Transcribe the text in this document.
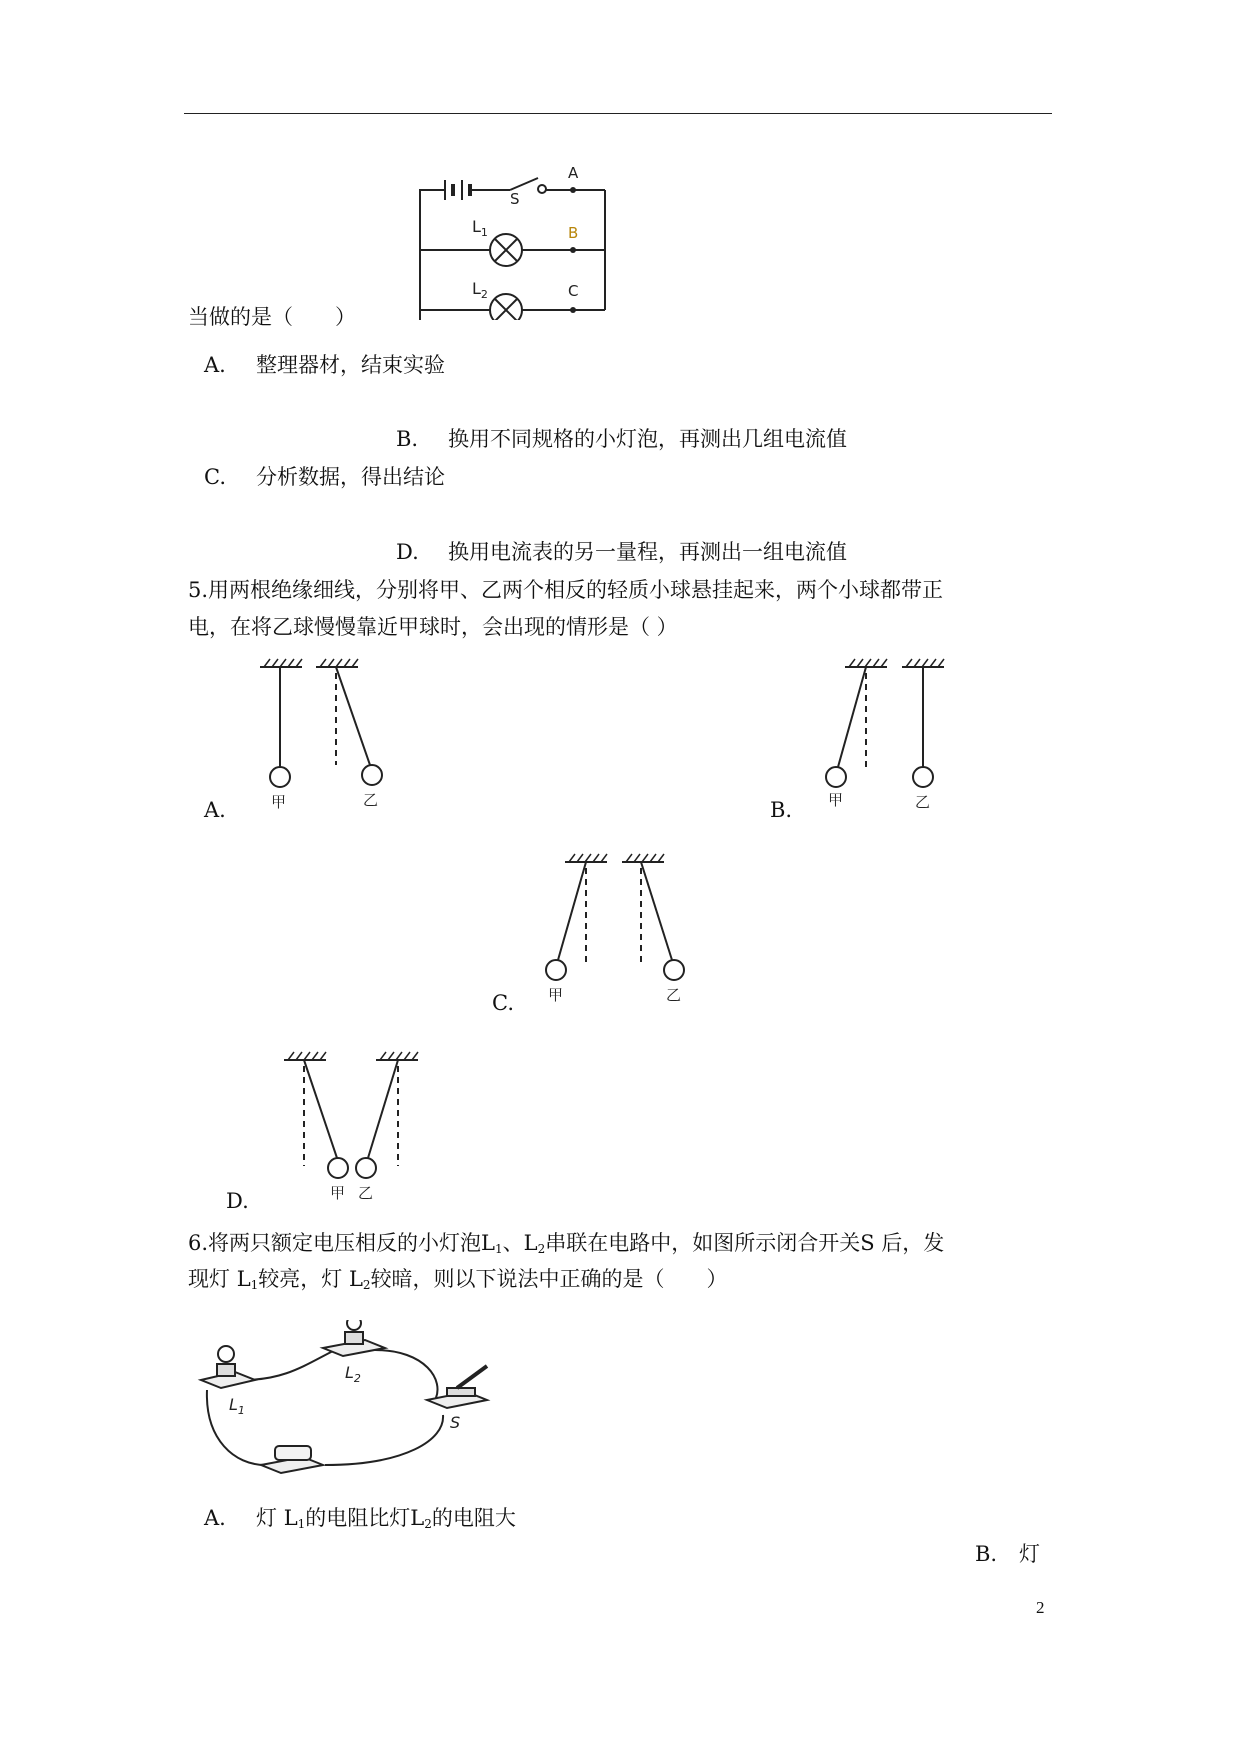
A
B
C
S
$L_1$
$L_2$
当做的是（　　）
A. 整理器材，结束实验
B. 换用不同规格的小灯泡，再测出几组电流值
C. 分析数据，得出结论
D. 换用电流表的另一量程，再测出一组电流值
5.用两根绝缘细线，分别将甲、乙两个相反的轻质小球悬挂起来，两个小球都带正
电，在将乙球慢慢靠近甲球时，会出现的情形是（ ）
甲	乙
A.	甲	乙
B.
甲	乙
C.
甲 乙
D.
6.将两只额定电压相反的小灯泡$L_1$、$L_2$串联在电路中，如图所示闭合开关S 后，发
现灯 $L_1$较亮，灯 $L_2$较暗，则以下说法中正确的是（　　）
$L_1$
$L_2$
S
A. 灯 $L_1$的电阻比灯$L_2$的电阻大
B. 灯
2
